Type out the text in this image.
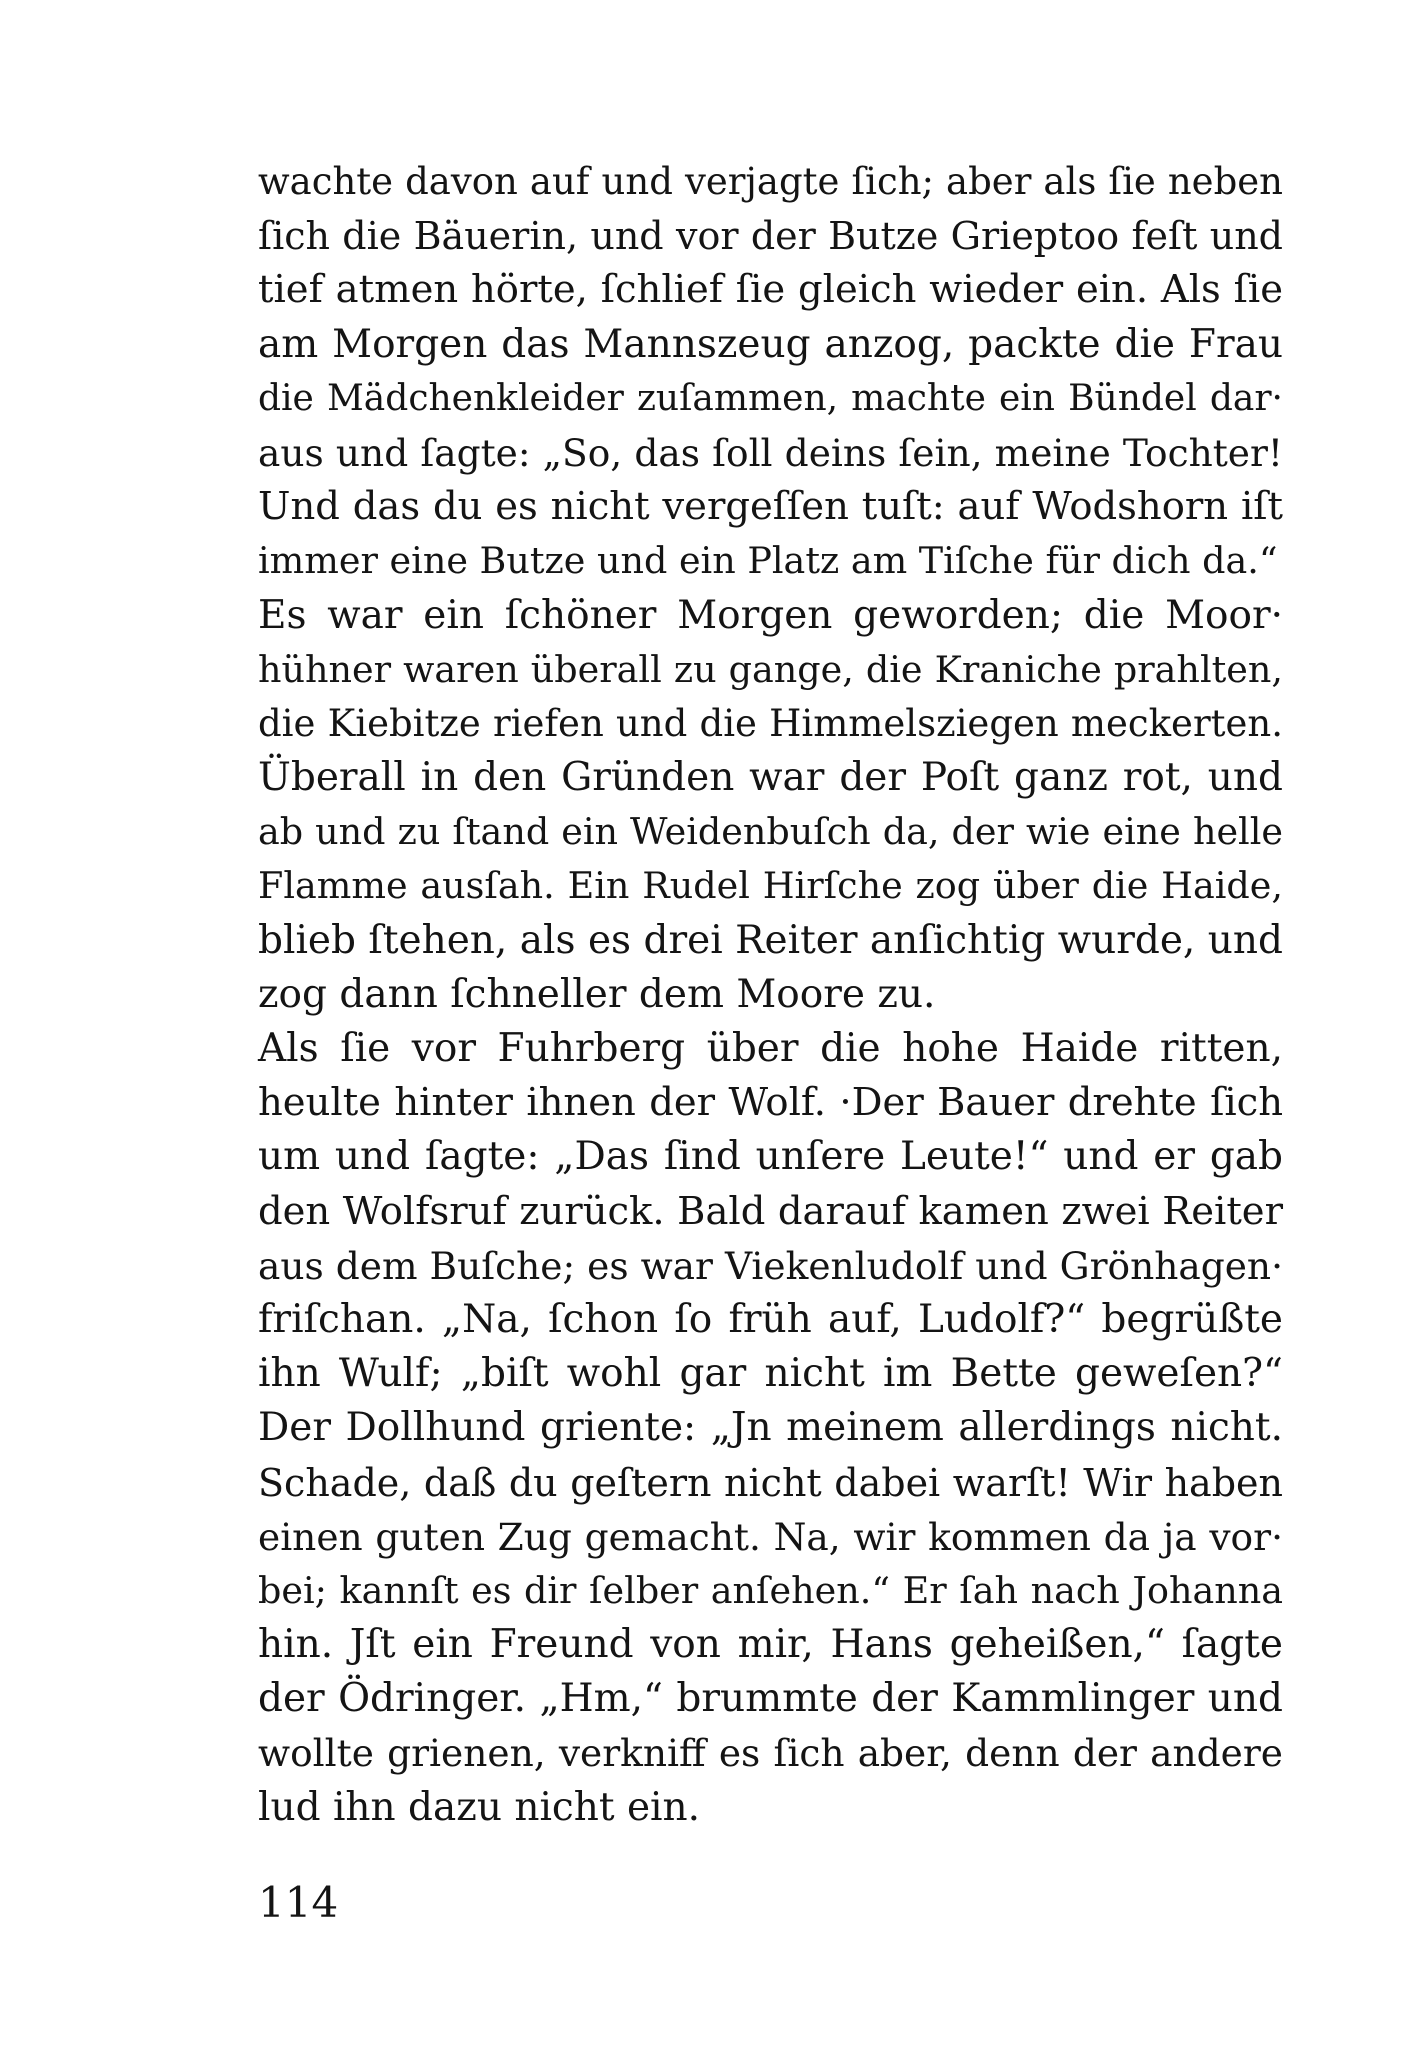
wachte davon auf und verjagte ſich; aber als ſie neben
ſich die Bäuerin, und vor der Butze Grieptoo feſt und
tief atmen hörte, ſchlief ſie gleich wieder ein. Als ſie
am Morgen das Mannszeug anzog, packte die Frau
die Mädchenkleider zuſammen, machte ein Bündel dar·
aus und ſagte: „So, das ſoll deins ſein, meine Tochter!
Und das du es nicht vergeſſen tuſt: auf Wodshorn iſt
immer eine Butze und ein Platz am Tiſche für dich da.“
Es war ein ſchöner Morgen geworden; die Moor·
hühner waren überall zu gange, die Kraniche prahlten,
die Kiebitze riefen und die Himmelsziegen meckerten.
Überall in den Gründen war der Poſt ganz rot, und
ab und zu ſtand ein Weidenbuſch da, der wie eine helle
Flamme ausſah. Ein Rudel Hirſche zog über die Haide,
blieb ſtehen, als es drei Reiter anſichtig wurde, und
zog dann ſchneller dem Moore zu.
Als ſie vor Fuhrberg über die hohe Haide ritten,
heulte hinter ihnen der Wolf. ·Der Bauer drehte ſich
um und ſagte: „Das ſind unſere Leute!“ und er gab
den Wolfsruf zurück. Bald darauf kamen zwei Reiter
aus dem Buſche; es war Viekenludolf und Grönhagen·
friſchan. „Na, ſchon ſo früh auf, Ludolf?“ begrüßte
ihn Wulf; „biſt wohl gar nicht im Bette geweſen?“
Der Dollhund griente: „Jn meinem allerdings nicht.
Schade, daß du geſtern nicht dabei warſt! Wir haben
einen guten Zug gemacht. Na, wir kommen da ja vor·
bei; kannſt es dir ſelber anſehen.“ Er ſah nach Johanna
hin. Jſt ein Freund von mir, Hans geheißen,“ ſagte
der Ödringer. „Hm,“ brummte der Kammlinger und
wollte grienen, verkniff es ſich aber, denn der andere
lud ihn dazu nicht ein.
114
